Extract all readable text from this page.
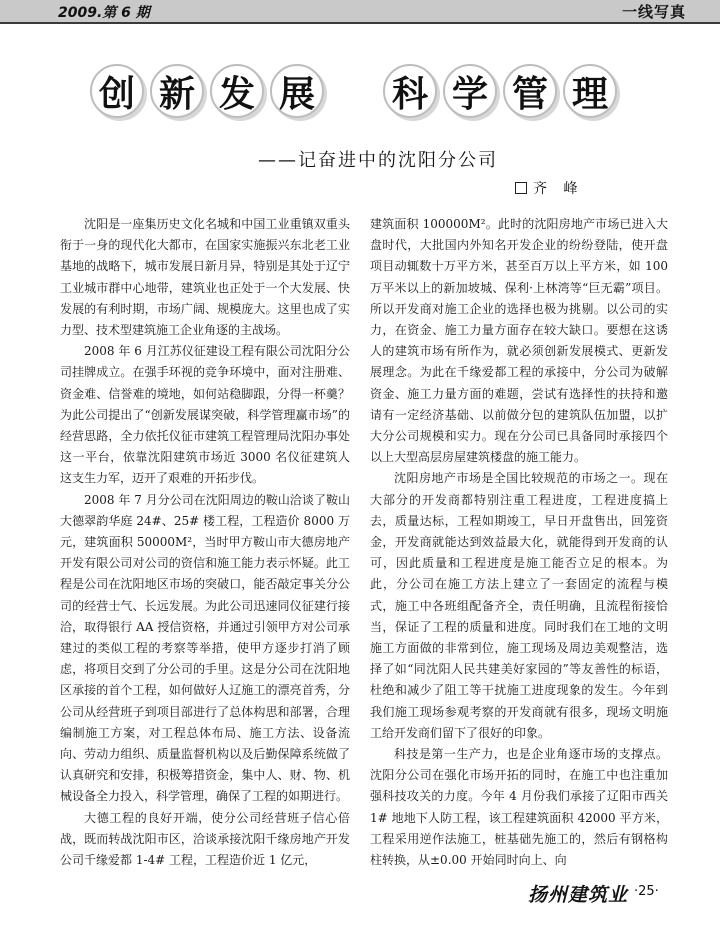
2009.第 6 期	一线写真
创 新 发 展 科 学 管 理
——记奋进中的沈阳分公司
齐 峰

沈阳是一座集历史文化名城和中国工业重镇双重头衔于一身的现代化大都市，在国家实施振兴东北老工业基地的战略下，城市发展日新月异，特别是其处于辽宁工业城市群中心地带，建筑业也正处于一个大发展、快发展的有利时期，市场广阔、规模庞大。这里也成了实力型、技术型建筑施工企业角逐的主战场。

2008 年 6 月江苏仪征建设工程有限公司沈阳分公司挂牌成立。在强手环视的竞争环境中，面对注册难、资金难、信誉难的境地，如何站稳脚跟，分得一杯羹？为此公司提出了“创新发展谋突破，科学管理赢市场”的经营思路，全力依托仪征市建筑工程管理局沈阳办事处这一平台，依靠沈阳建筑市场近 3000 名仪征建筑人这支生力军，迈开了艰难的开拓步伐。

2008 年 7 月分公司在沈阳周边的鞍山洽谈了鞍山大德翠韵华庭 24#、25# 楼工程，工程造价 8000 万元，建筑面积 50000M²，当时甲方鞍山市大德房地产开发有限公司对公司的资信和施工能力表示怀疑。此工程是公司在沈阳地区市场的突破口，能否敲定事关分公司的经营士气、长远发展。为此公司迅速同仪征建行接洽，取得银行 AA 授信资格，并通过引领甲方对公司承建过的类似工程的考察等举措，使甲方逐步打消了顾虑，将项目交到了分公司的手里。这是分公司在沈阳地区承接的首个工程，如何做好人辽施工的漂亮首秀，分公司从经营班子到项目部进行了总体构思和部署，合理编制施工方案，对工程总体布局、施工方法、设备流向、劳动力组织、质量监督机构以及后勤保障系统做了认真研究和安排，积极筹措资金，集中人、财、物、机械设备全力投入，科学管理，确保了工程的如期进行。

大德工程的良好开端，使分公司经营班子信心倍战，既而转战沈阳市区，洽谈承接沈阳千缘房地产开发公司千缘爱都 1-4# 工程，工程造价近 1 亿元，

建筑面积 100000M²。此时的沈阳房地产市场已进入大盘时代，大批国内外知名开发企业的纷纷登陆，使开盘项目动辄数十万平方米，甚至百万以上平方米，如 100 万平米以上的新加坡城、保利·上林湾等“巨无霸”项目。所以开发商对施工企业的选择也极为挑剔。以公司的实力，在资金、施工力量方面存在较大缺口。要想在这诱人的建筑市场有所作为，就必须创新发展模式、更新发展理念。为此在千缘爱都工程的承接中，分公司为破解资金、施工力量方面的难题，尝试有选择性的扶持和邀请有一定经济基础、以前做分包的建筑队伍加盟，以扩大分公司规模和实力。现在分公司已具备同时承接四个以上大型高层房屋建筑楼盘的施工能力。

沈阳房地产市场是全国比较规范的市场之一。现在大部分的开发商都特别注重工程进度，工程进度搞上去，质量达标，工程如期竣工，早日开盘售出，回笼资金，开发商就能达到效益最大化，就能得到开发商的认可，因此质量和工程进度是施工能否立足的根本。为此，分公司在施工方法上建立了一套固定的流程与模式，施工中各班组配备齐全，责任明确，且流程衔接恰当，保证了工程的质量和进度。同时我们在工地的文明施工方面做的非常到位，施工现场及周边美观整洁，选择了如“同沈阳人民共建美好家园的”等友善性的标语，杜绝和减少了阻工等干扰施工进度现象的发生。今年到我们施工现场参观考察的开发商就有很多，现场文明施工给开发商们留下了很好的印象。

科技是第一生产力，也是企业角逐市场的支撑点。沈阳分公司在强化市场开拓的同时，在施工中也注重加强科技攻关的力度。今年 4 月份我们承接了辽阳市西关 1# 地地下人防工程，该工程建筑面积 42000 平方米，工程采用逆作法施工，桩基础先施工的，然后有钢格构柱转换，从±0.00 开始同时向上、向

扬州建筑业 ·25·
